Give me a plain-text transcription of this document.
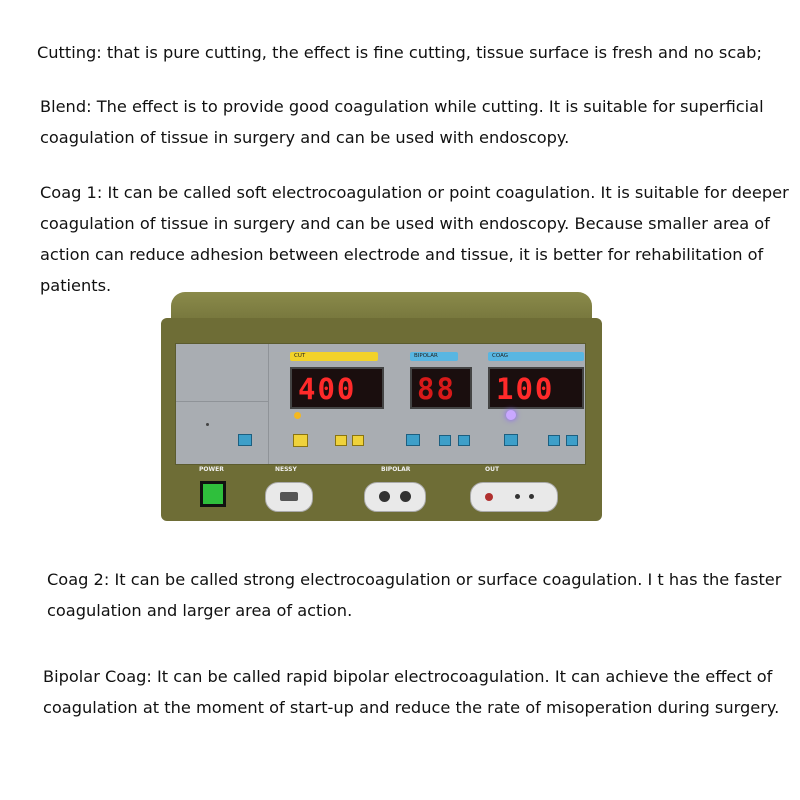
Cutting: that is pure cutting, the effect is fine cutting, tissue surface is fresh and no scab;

Blend: The effect is to provide good coagulation while cutting. It is suitable for superficial coagulation of tissue in surgery and can be used with endoscopy.

Coag 1: It can be called soft electrocoagulation or point coagulation. It is suitable for deeper coagulation of tissue in surgery and can be used with endoscopy. Because smaller area of action can reduce adhesion between electrode and tissue, it is better for rehabilitation of patients.

CUT	BIPOLAR	COAG
400 88 100
POWER	NESSY	BIPOLAR	OUT

Coag 2: It can be called strong electrocoagulation or surface coagulation. I t has the faster coagulation and larger area of action.

Bipolar Coag: It can be called rapid bipolar electrocoagulation. It can achieve the effect of coagulation at the moment of start-up and reduce the rate of misoperation during surgery.
